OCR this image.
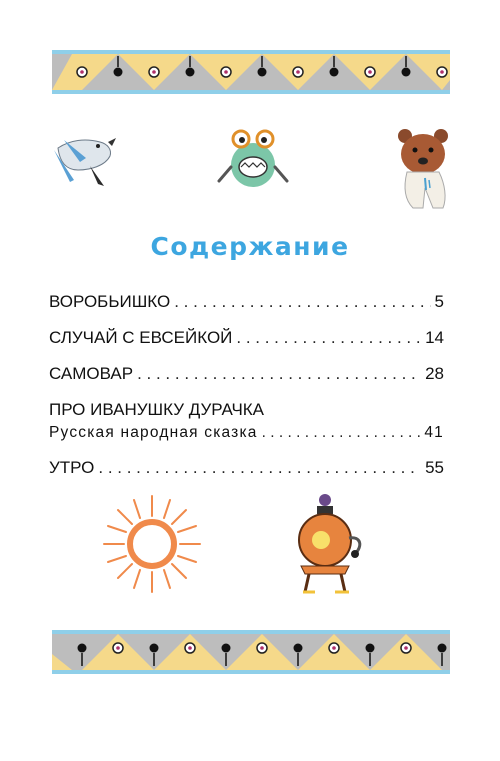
Содержание
ВОРОБЬИШКО . . .	5
СЛУЧАЙ С ЕВСЕЙКОЙ . . .	14
САМОВАР . . .	28
ПРО ИВАНУШКУ ДУРАЧКА
Русская народная сказка . . .	41
УТРО . . .	55
